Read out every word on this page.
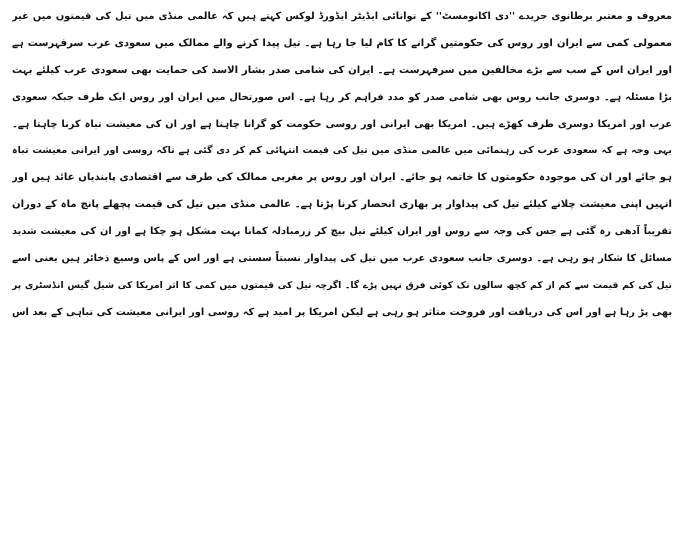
معروف و معتبر برطانوی جریدے ''دی اکانومسٹ'' کے توانائی ایڈیٹر ایڈورڈ لوکس کہتے ہیں کہ عالمی منڈی میں تیل کی قیمتوں میں غیر
معمولی کمی سے ایران اور روس کی حکومتیں گرانے کا کام لیا جا رہا ہے۔ تیل پیدا کرنے والے ممالک میں سعودی عرب سرفہرست ہے
اور ایران اس کے سب سے بڑے مخالفین میں سرفہرست ہے۔ ایران کی شامی صدر بشار الاسد کی حمایت بھی سعودی عرب کیلئے بہت
بڑا مسئلہ ہے۔ دوسری جانب روس بھی شامی صدر کو مدد فراہم کر رہا ہے۔ اس صورتحال میں ایران اور روس ایک طرف جبکہ سعودی
عرب اور امریکا دوسری طرف کھڑے ہیں۔ امریکا بھی ایرانی اور روسی حکومت کو گرانا چاہتا ہے اور ان کی معیشت تباہ کرنا چاہتا ہے۔
یہی وجہ ہے کہ سعودی عرب کی رہنمائی میں عالمی منڈی میں تیل کی قیمت انتہائی کم کر دی گئی ہے تاکہ روسی اور ایرانی معیشت تباہ
ہو جائے اور ان کی موجودہ حکومتوں کا خاتمہ ہو جائے۔ ایران اور روس پر مغربی ممالک کی طرف سے اقتصادی پابندیاں عائد ہیں اور
انہیں اپنی معیشت چلانے کیلئے تیل کی پیداوار پر بھاری انحصار کرنا پڑتا ہے۔ عالمی منڈی میں تیل کی قیمت پچھلے پانچ ماہ کے دوران
تقریباً آدھی رہ گئی ہے جس کی وجہ سے روس اور ایران کیلئے تیل بیچ کر زرمبادلہ کمانا بہت مشکل ہو چکا ہے اور ان کی معیشت شدید
مسائل کا شکار ہو رہی ہے۔ دوسری جانب سعودی عرب میں تیل کی پیداوار نسبتاً سستی ہے اور اس کے پاس وسیع ذخائر ہیں یعنی اسے
تیل کی کم قیمت سے کم از کم کچھ سالوں تک کوئی فرق نہیں پڑے گا۔ اگرچہ تیل کی قیمتوں میں کمی کا اثر امریکا کی شیل گیس انڈسٹری پر
بھی پڑ رہا ہے اور اس کی دریافت اور فروخت متاثر ہو رہی ہے لیکن امریکا پر امید ہے کہ روسی اور ایرانی معیشت کی تباہی کے بعد اس
